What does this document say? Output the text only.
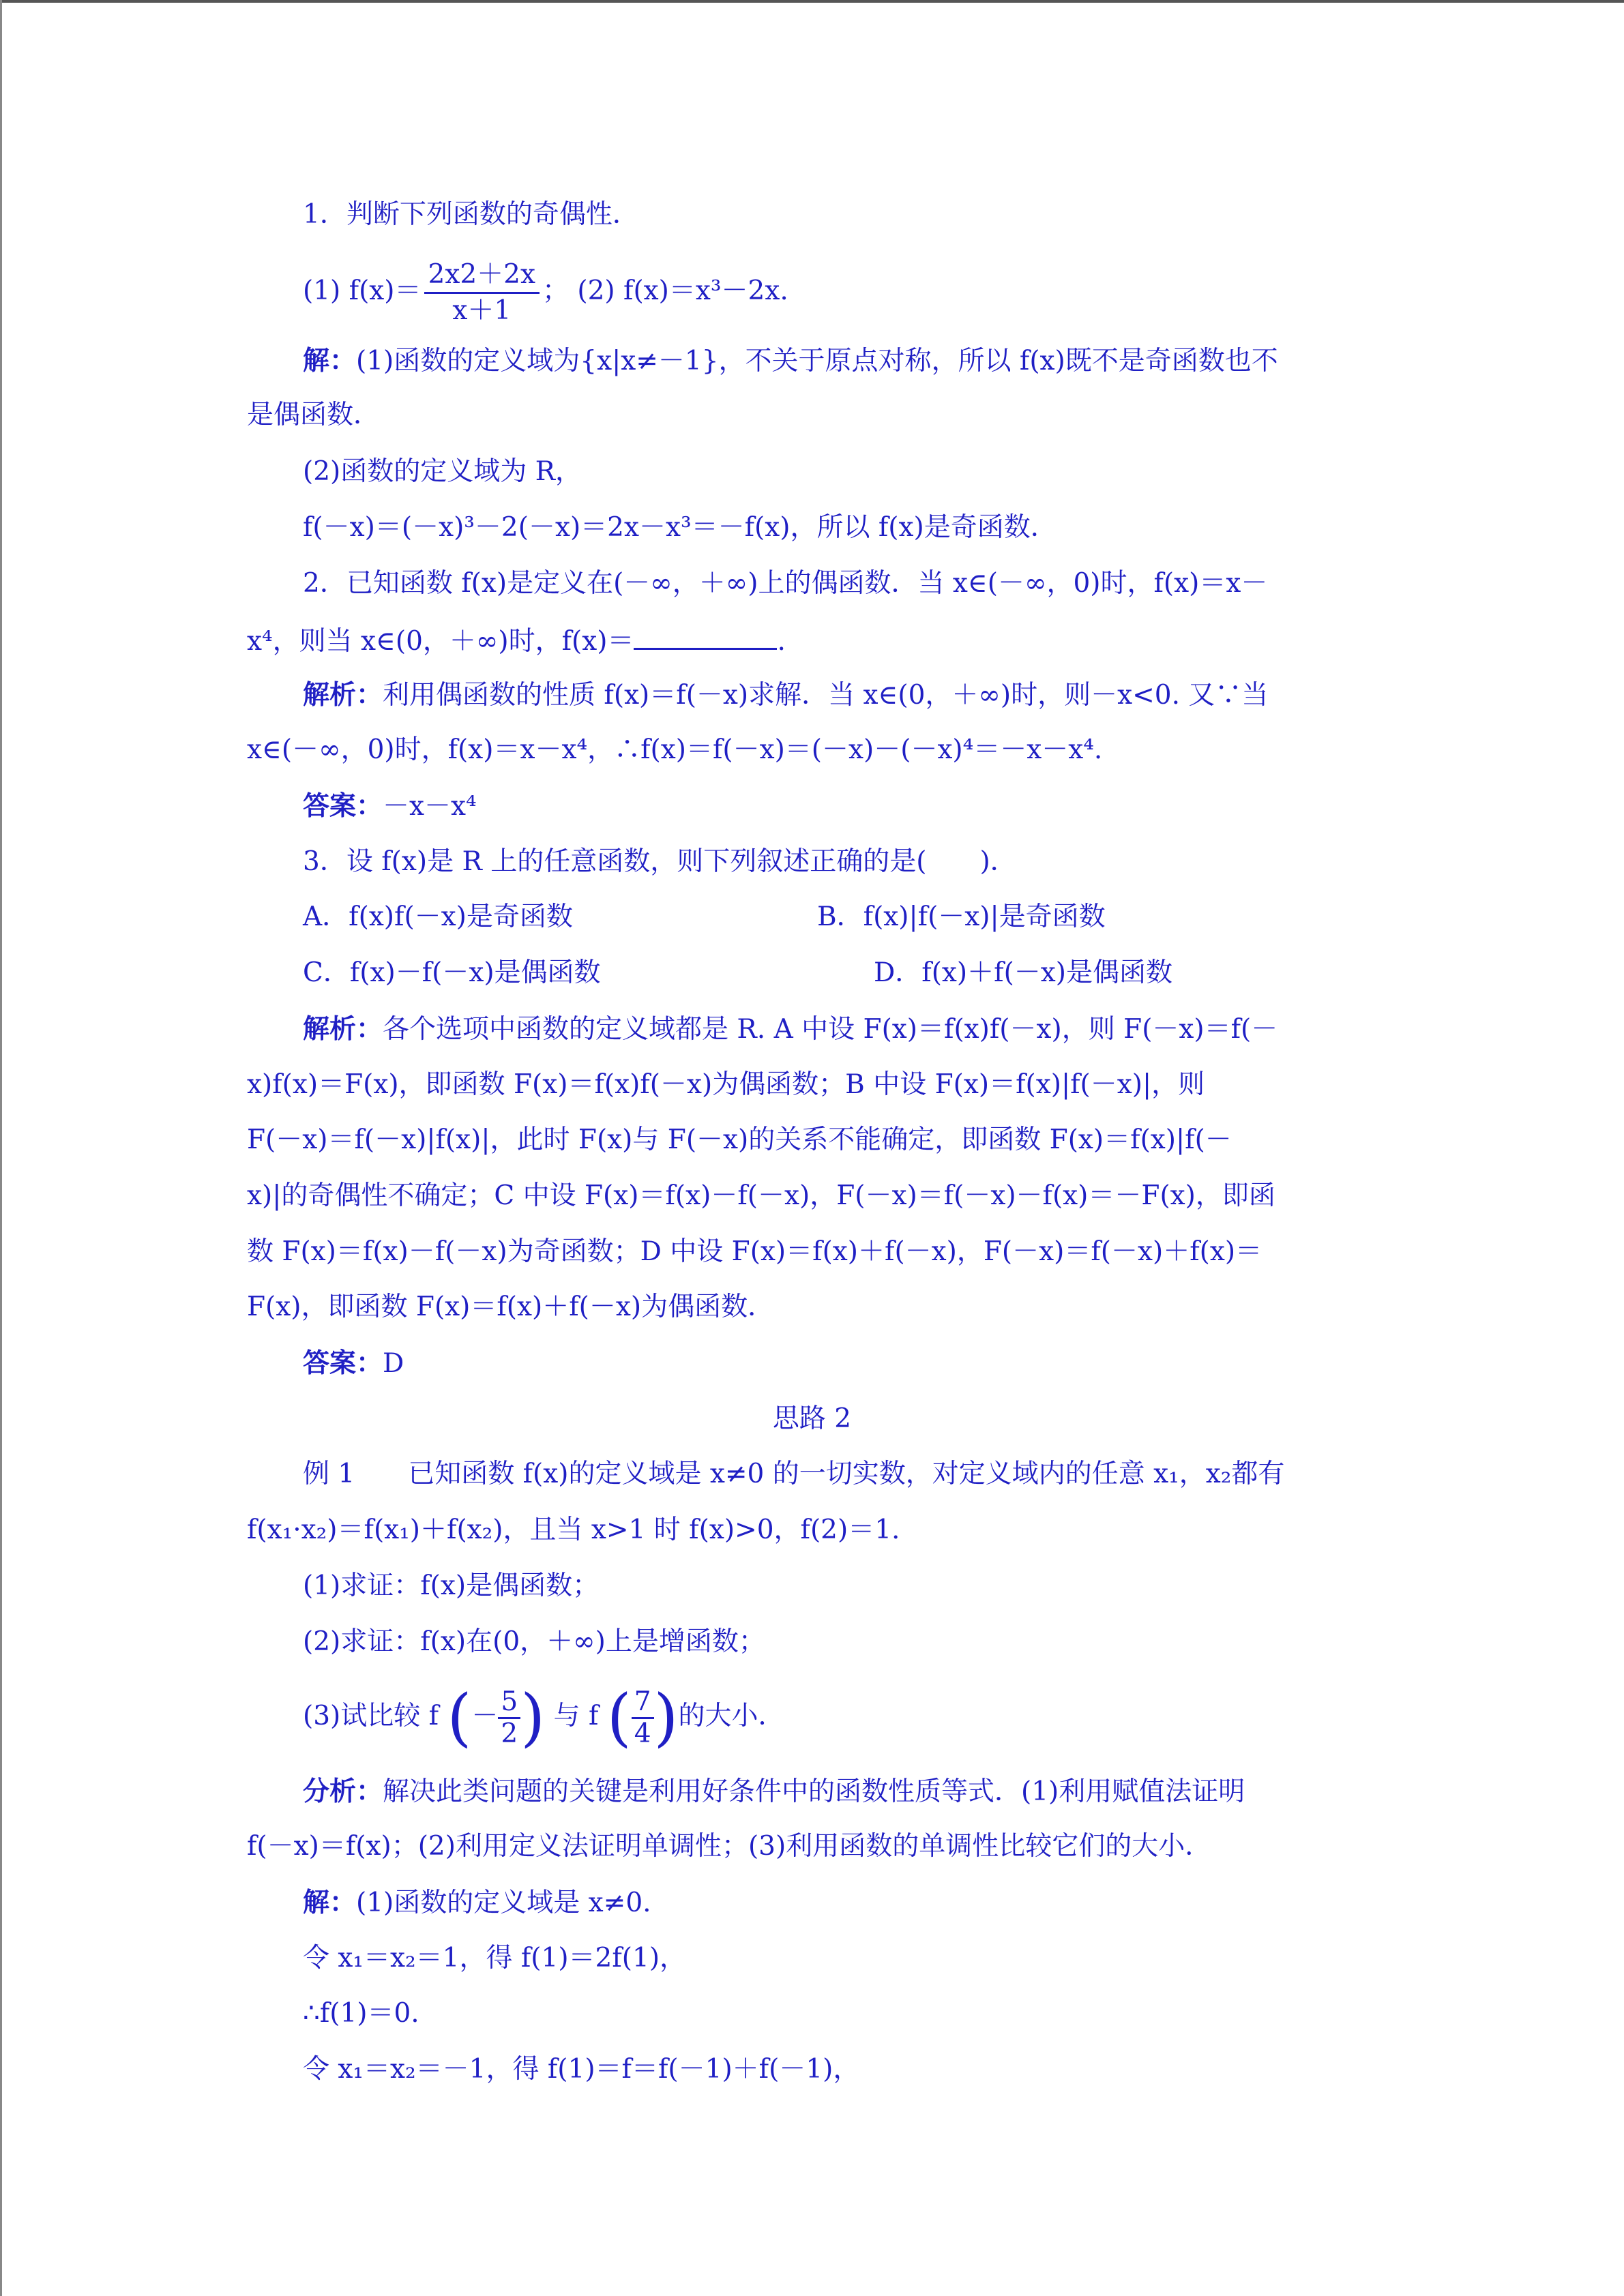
1．判断下列函数的奇偶性．
(1) $f(x)= \frac{2x2+2x}{x+1}$ ； (2) f(x)＝x³－2x.
解：(1)函数的定义域为{x|x≠－1}，不关于原点对称，所以 f(x)既不是奇函数也不
是偶函数．
(2)函数的定义域为 R，
f(－x)＝(－x)³－2(－x)＝2x－x³＝－f(x)，所以 f(x)是奇函数．
2．已知函数 f(x)是定义在(－∞，＋∞)上的偶函数．当 x∈(－∞，0)时，f(x)＝x－
x⁴，则当 x∈(0，＋∞)时，f(x)＝	.
解析：利用偶函数的性质 f(x)＝f(－x)求解．当 x∈(0，＋∞)时，则－x<0. 又∵当
x∈(－∞，0)时，f(x)＝x－x⁴，∴f(x)＝f(－x)＝(－x)－(－x)⁴＝－x－x⁴.
答案：－x－x⁴
3．设 f(x)是 R 上的任意函数，则下列叙述正确的是(　　)．
A．f(x)f(－x)是奇函数	B．f(x)|f(－x)|是奇函数
C．f(x)－f(－x)是偶函数	D．f(x)＋f(－x)是偶函数
解析：各个选项中函数的定义域都是 R. A 中设 F(x)＝f(x)f(－x)，则 F(－x)＝f(－
x)f(x)＝F(x)，即函数 F(x)＝f(x)f(－x)为偶函数；B 中设 F(x)＝f(x)|f(－x)|，则
F(－x)＝f(－x)|f(x)|，此时 F(x)与 F(－x)的关系不能确定，即函数 F(x)＝f(x)|f(－
x)|的奇偶性不确定；C 中设 F(x)＝f(x)－f(－x)，F(－x)＝f(－x)－f(x)＝－F(x)，即函
数 F(x)＝f(x)－f(－x)为奇函数；D 中设 F(x)＝f(x)＋f(－x)，F(－x)＝f(－x)＋f(x)＝
F(x)，即函数 F(x)＝f(x)＋f(－x)为偶函数．
答案：D
思路 2
例 1　　已知函数 f(x)的定义域是 x≠0 的一切实数，对定义域内的任意 x₁，x₂都有
f(x₁·x₂)＝f(x₁)＋f(x₂)，且当 x>1 时 f(x)>0，f(2)＝1.
(1)求证：f(x)是偶函数；
(2)求证：f(x)在(0，＋∞)上是增函数；
(3)试比较 f (－ $\frac{5}{2}$ ) 与 f ( $\frac{7}{4}$ )的大小．
分析：解决此类问题的关键是利用好条件中的函数性质等式．(1)利用赋值法证明
f(－x)＝f(x)；(2)利用定义法证明单调性；(3)利用函数的单调性比较它们的大小．
解：(1)函数的定义域是 x≠0.
令 x₁＝x₂＝1，得 f(1)＝2f(1)，
∴f(1)＝0.
令 x₁＝x₂＝－1，得 f(1)＝f＝f(－1)＋f(－1)，
